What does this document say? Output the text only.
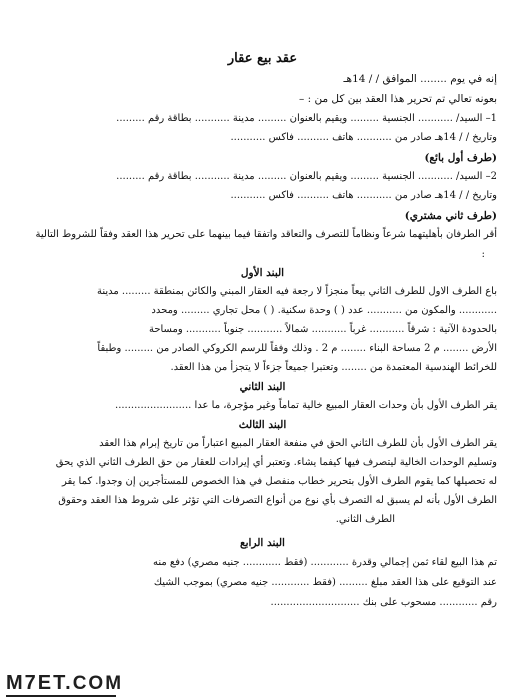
عقد بيع عقار
إنه في يوم ........ الموافق / / 14هـ
بعونه تعالي تم تحرير هذا العقد بين كل من : –
1– السيد/ ........... الجنسية ......... ويقيم بالعنوان ......... مدينة ........... بطاقة رقم .........
وتاريخ / / 14هـ صادر من ........... هاتف .......... فاكس ...........
(طرف أول بائع)
2– السيد/ ........... الجنسية ......... ويقيم بالعنوان ......... مدينة ........... بطاقة رقم .........
وتاريخ / / 14هـ صادر من ........... هاتف .......... فاكس ...........
(طرف ثاني مشتري)
أقر الطرفان بأهليتهما شرعاً ونظاماً للتصرف والتعاقد واتفقا فيما بينهما على تحرير هذا العقد وفقاً للشروط التالية
:
البند الأول
باع الطرف الاول للطرف الثاني بيعاً منجزاً لا رجعة فيه العقار المبني والكائن بمنطقة ......... مدينة
............ والمكون من ........... عدد ( ) وحدة سكنية. ( ) محل تجاري ......... ومحدد
بالحدودة الآتية : شرقاً ........... غرباً ........... شمالاً ........... جنوباً ........... ومساحة
الأرض ........ م 2 مساحة البناء ........ م 2 . وذلك وفقاً للرسم الكروكي الصادر من ......... وطبقاً
للخرائط الهندسية المعتمدة من ........ وتعتبرا جميعاً جزءاً لا يتجزأ من هذا العقد.
البند الثاني
يقر الطرف الأول بأن وحدات العقار المبيع خالية تماماً وغير مؤجرة، ما عدا ........................
البند الثالث
يقر الطرف الأول بأن للطرف الثاني الحق في منفعة العقار المبيع اعتباراً من تاريخ إبرام هذا العقد
وتسليم الوحدات الخالية ليتصرف فيها كيفما يشاء. وتعتبر أي إيرادات للعقار من حق الطرف الثاني الذي يحق
له تحصيلها كما يقوم الطرف الأول بتحرير خطاب منفصل في هذا الخصوص للمستأجرين إن وجدوا. كما يقر
الطرف الأول بأنه لم يسبق له التصرف بأي نوع من أنواع التصرفات التي تؤثر على شروط هذا العقد وحقوق
الطرف الثاني.
البند الرابع
تم هذا البيع لقاء ثمن إجمالي وقدرة ............ (فقط ............ جنيه مصري) دفع منه
عند التوقيع على هذا العقد مبلغ ......... (فقط ............ جنيه مصري) بموجب الشيك
رقم ............ مسحوب على بنك ............................
M7ET.COM
